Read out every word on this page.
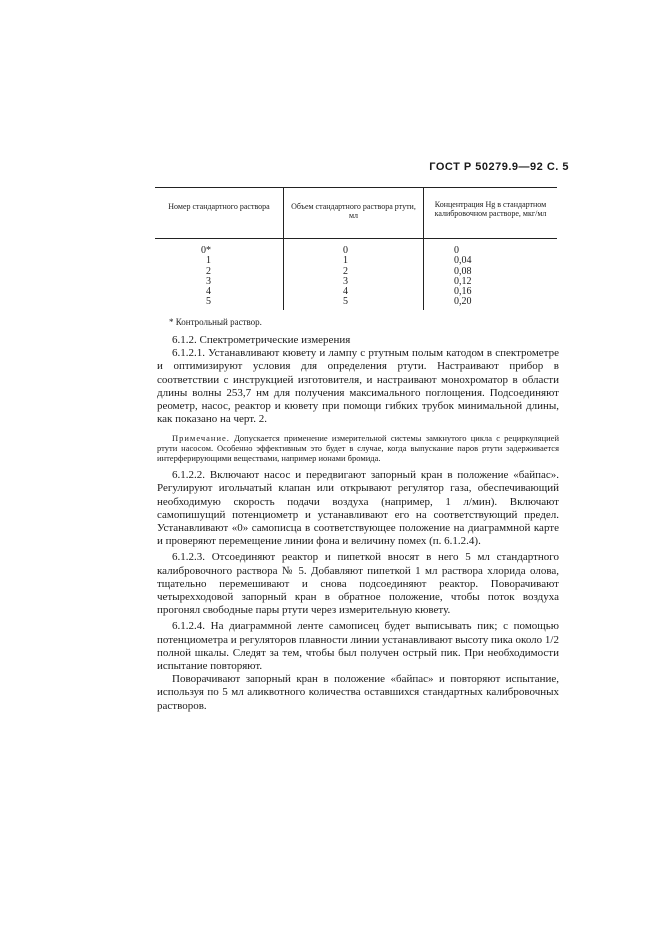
ГОСТ Р 50279.9—92 С. 5
Номер стандартного раствора	Объем стандартного раствора ртути, мл
Концентрация Hg в стандартном калибровочном растворе, мкг/мл
0*
1
2
3
4
5
0
1
2
3
4
5
0
0,04
0,08
0,12
0,16
0,20
* Контрольный раствор.

6.1.2. Спектрометрические измерения

6.1.2.1. Устанавливают кювету и лампу с ртутным полым катодом в спектрометре и оптимизируют условия для определения ртути. Настраивают прибор в соответствии с инструкцией изготовителя, и настраивают монохроматор в области длины волны 253,7 нм для получения максимального поглощения. Подсоединяют реометр, насос, реактор и кювету при помощи гибких трубок минимальной длины, как показано на черт. 2.

Примечание. Допускается применение измерительной системы замкнутого цикла с рециркуляцией ртути насосом. Особенно эффективным это будет в случае, когда выпускание паров ртути задерживается интерферирующими веществами, например ионами бромида.

6.1.2.2. Включают насос и передвигают запорный кран в положение «байпас». Регулируют игольчатый клапан или открывают регулятор газа, обеспечивающий необходимую скорость подачи воздуха (например, 1 л/мин). Включают самопишущий потенциометр и устанавливают его на соответствующий предел. Устанавливают «0» самописца в соответствующее положение на диаграммной карте и проверяют перемещение линии фона и величину помех (п. 6.1.2.4).

6.1.2.3. Отсоединяют реактор и пипеткой вносят в него 5 мл стандартного калибровочного раствора № 5. Добавляют пипеткой 1 мл раствора хлорида олова, тщательно перемешивают и снова подсоединяют реактор. Поворачивают четырехходовой запорный кран в обратное положение, чтобы поток воздуха прогонял свободные пары ртути через измерительную кювету.

6.1.2.4. На диаграммной ленте самописец будет выписывать пик; с помощью потенциометра и регуляторов плавности линии устанавливают высоту пика около 1/2 полной шкалы. Следят за тем, чтобы был получен острый пик. При необходимости испытание повторяют.

Поворачивают запорный кран в положение «байпас» и повторяют испытание, используя по 5 мл аликвотного количества оставшихся стандартных калибровочных растворов.
